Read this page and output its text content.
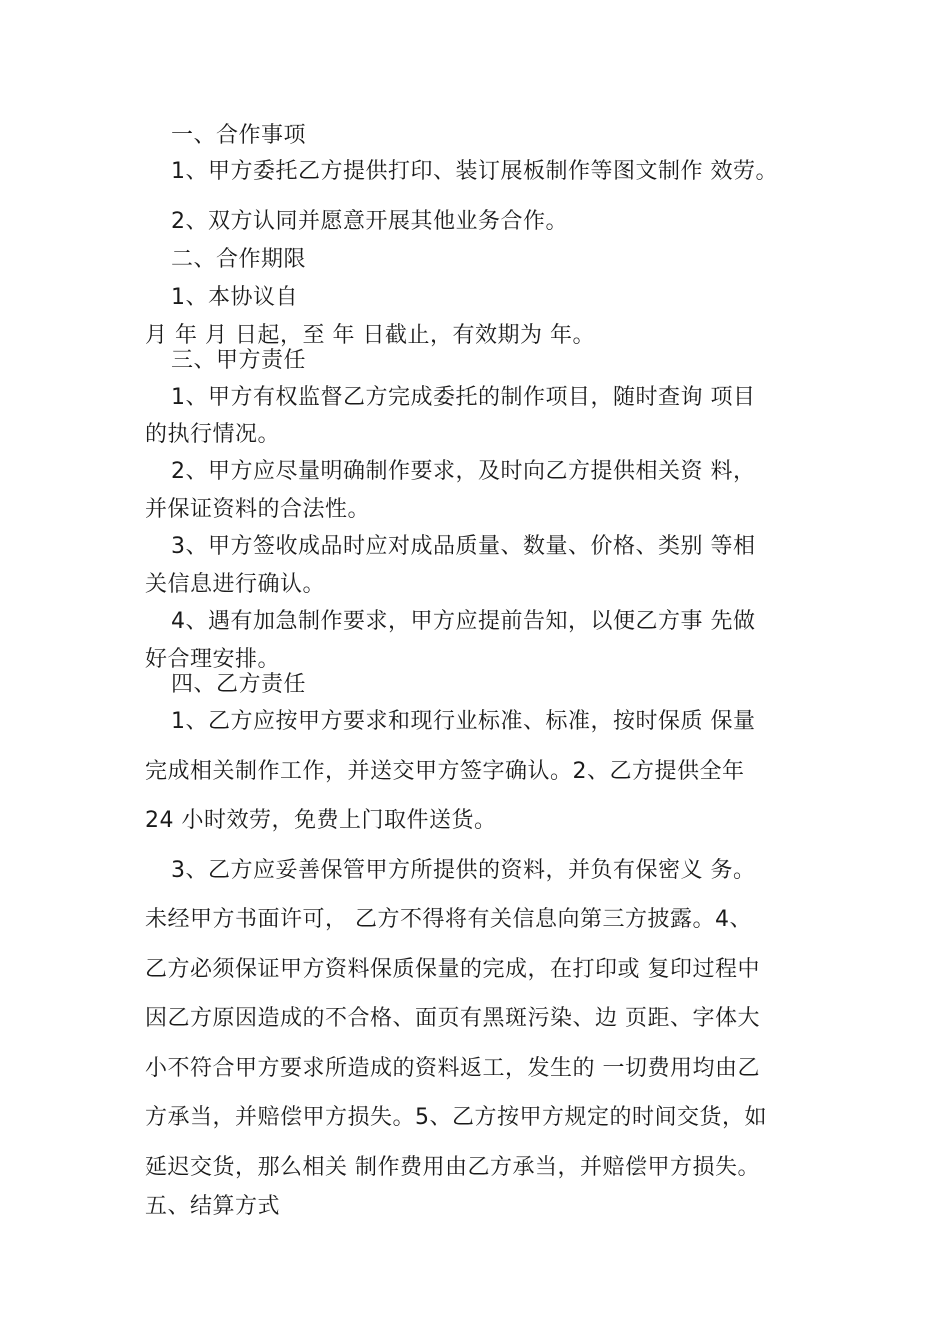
一、合作事项
1、甲方委托乙方提供打印、装订展板制作等图文制作 效劳。
2、双方认同并愿意开展其他业务合作。
二、合作期限
1、本协议自
月 年 月 日起，至 年 日截止，有效期为 年。
三、甲方责任
1、甲方有权监督乙方完成委托的制作项目，随时查询 项目
的执行情况。
2、甲方应尽量明确制作要求，及时向乙方提供相关资 料，
并保证资料的合法性。
3、甲方签收成品时应对成品质量、数量、价格、类别 等相
关信息进行确认。
4、遇有加急制作要求，甲方应提前告知，以便乙方事 先做
好合理安排。
四、乙方责任
1、乙方应按甲方要求和现行业标准、标准，按时保质 保量
完成相关制作工作，并送交甲方签字确认。2、乙方提供全年
24 小时效劳，免费上门取件送货。
3、乙方应妥善保管甲方所提供的资料，并负有保密义 务。
未经甲方书面许可， 乙方不得将有关信息向第三方披露。4、
乙方必须保证甲方资料保质保量的完成，在打印或 复印过程中
因乙方原因造成的不合格、面页有黑斑污染、边 页距、字体大
小不符合甲方要求所造成的资料返工，发生的 一切费用均由乙
方承当，并赔偿甲方损失。5、乙方按甲方规定的时间交货，如
延迟交货，那么相关 制作费用由乙方承当，并赔偿甲方损失。
五、结算方式
